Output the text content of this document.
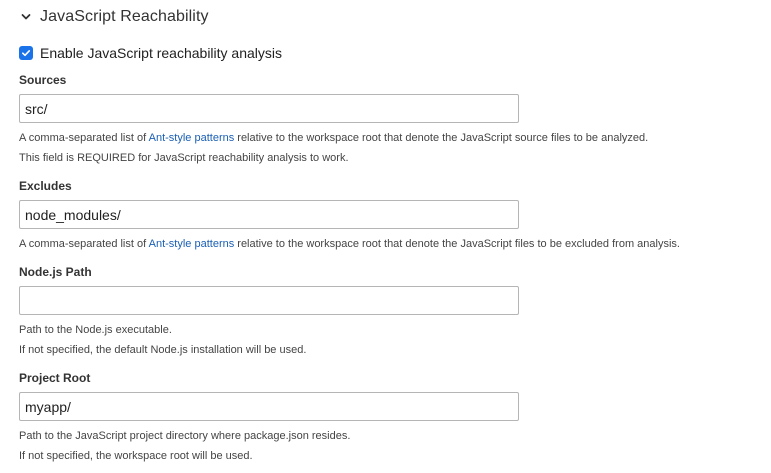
JavaScript Reachability
Enable JavaScript reachability analysis
Sources
src/
A comma-separated list of Ant-style patterns relative to the workspace root that denote the JavaScript source files to be analyzed.
This field is REQUIRED for JavaScript reachability analysis to work.
Excludes
node_modules/
A comma-separated list of Ant-style patterns relative to the workspace root that denote the JavaScript files to be excluded from analysis.
Node.js Path
Path to the Node.js executable.
If not specified, the default Node.js installation will be used.
Project Root
myapp/
Path to the JavaScript project directory where package.json resides.
If not specified, the workspace root will be used.
